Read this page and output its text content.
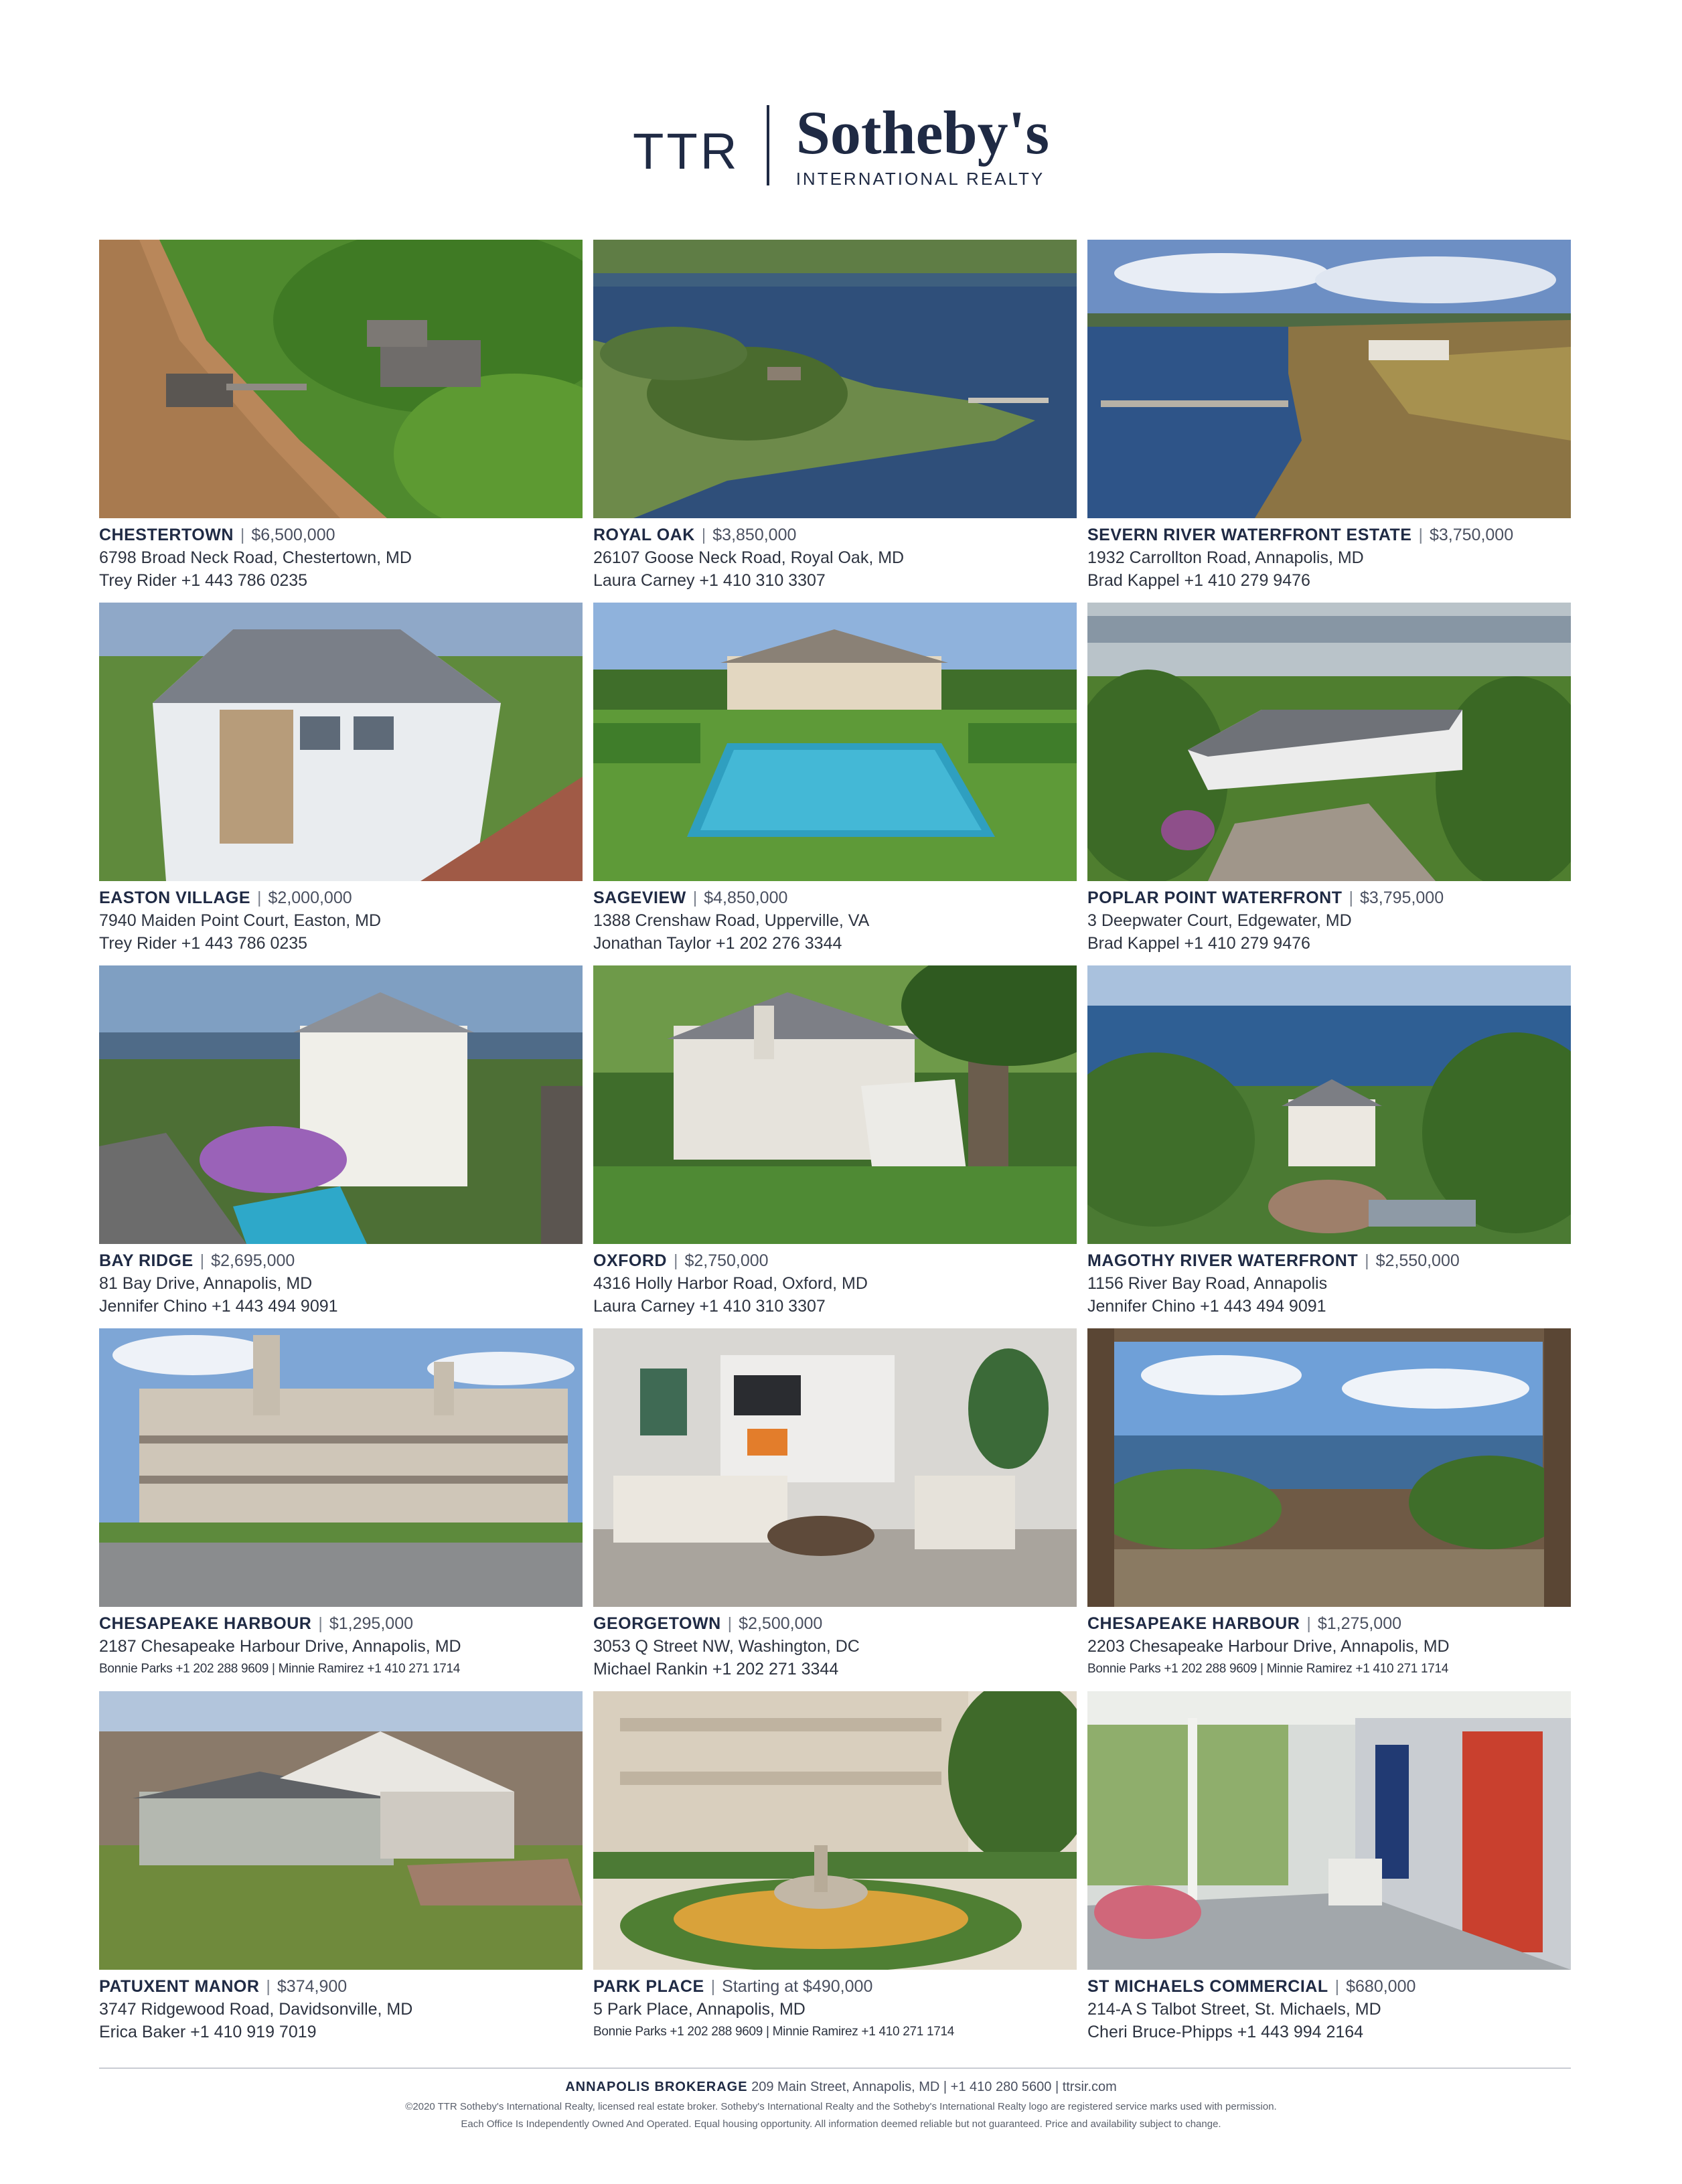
TTR Sotheby's
INTERNATIONAL REALTY
CHESTERTOWN | $6,500,000
6798 Broad Neck Road, Chestertown, MD
Trey Rider +1 443 786 0235
ROYAL OAK | $3,850,000
26107 Goose Neck Road, Royal Oak, MD
Laura Carney +1 410 310 3307
SEVERN RIVER WATERFRONT ESTATE | $3,750,000
1932 Carrollton Road, Annapolis, MD
Brad Kappel +1 410 279 9476
EASTON VILLAGE | $2,000,000
7940 Maiden Point Court, Easton, MD
Trey Rider +1 443 786 0235
SAGEVIEW | $4,850,000
1388 Crenshaw Road, Upperville, VA
Jonathan Taylor +1 202 276 3344
POPLAR POINT WATERFRONT | $3,795,000
3 Deepwater Court, Edgewater, MD
Brad Kappel +1 410 279 9476
BAY RIDGE | $2,695,000
81 Bay Drive, Annapolis, MD
Jennifer Chino +1 443 494 9091
OXFORD | $2,750,000
4316 Holly Harbor Road, Oxford, MD
Laura Carney +1 410 310 3307
MAGOTHY RIVER WATERFRONT | $2,550,000
1156 River Bay Road, Annapolis
Jennifer Chino +1 443 494 9091
CHESAPEAKE HARBOUR | $1,295,000
2187 Chesapeake Harbour Drive, Annapolis, MD
Bonnie Parks +1 202 288 9609 | Minnie Ramirez +1 410 271 1714
GEORGETOWN | $2,500,000
3053 Q Street NW, Washington, DC
Michael Rankin +1 202 271 3344
CHESAPEAKE HARBOUR | $1,275,000
2203 Chesapeake Harbour Drive, Annapolis, MD
Bonnie Parks +1 202 288 9609 | Minnie Ramirez +1 410 271 1714
PATUXENT MANOR | $374,900
3747 Ridgewood Road, Davidsonville, MD
Erica Baker +1 410 919 7019
PARK PLACE | Starting at $490,000
5 Park Place, Annapolis, MD
Bonnie Parks +1 202 288 9609 | Minnie Ramirez +1 410 271 1714
ST MICHAELS COMMERCIAL | $680,000
214-A S Talbot Street, St. Michaels, MD
Cheri Bruce-Phipps +1 443 994 2164
ANNAPOLIS BROKERAGE 209 Main Street, Annapolis, MD | +1 410 280 5600 | ttrsir.com
©2020 TTR Sotheby's International Realty, licensed real estate broker. Sotheby's International Realty and the Sotheby's International Realty logo are registered service marks used with permission.
Each Office Is Independently Owned And Operated. Equal housing opportunity. All information deemed reliable but not guaranteed. Price and availability subject to change.
